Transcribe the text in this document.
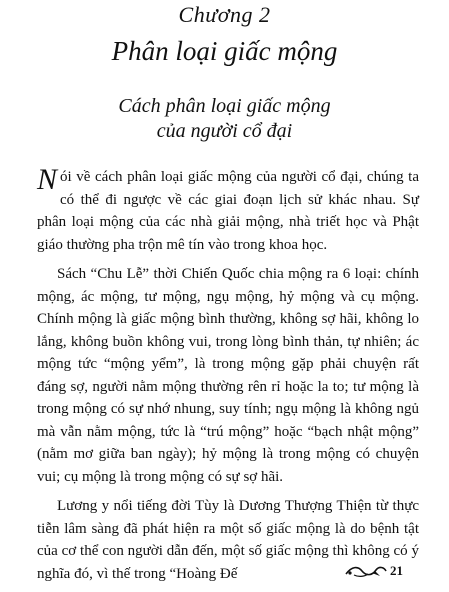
Chương 2
Phân loại giấc mộng
Cách phân loại giấc mộng
của người cổ đại

Nói về cách phân loại giấc mộng của người cổ đại, chúng ta có thể đi ngược về các giai đoạn lịch sử khác nhau. Sự phân loại mộng của các nhà giải mộng, nhà triết học và Phật giáo thường pha trộn mê tín vào trong khoa học.

Sách “Chu Lễ” thời Chiến Quốc chia mộng ra 6 loại: chính mộng, ác mộng, tư mộng, ngụ mộng, hỷ mộng và cụ mộng. Chính mộng là giấc mộng bình thường, không sợ hãi, không lo lắng, không buồn không vui, trong lòng bình thản, tự nhiên; ác mộng tức “mộng yểm”, là trong mộng gặp phải chuyện rất đáng sợ, người nằm mộng thường rên rỉ hoặc la to; tư mộng là trong mộng có sự nhớ nhung, suy tính; ngụ mộng là không ngủ mà vẫn nằm mộng, tức là “trú mộng” hoặc “bạch nhật mộng” (nằm mơ giữa ban ngày); hỷ mộng là trong mộng có chuyện vui; cụ mộng là trong mộng có sự sợ hãi.

Lương y nổi tiếng đời Tùy là Dương Thượng Thiện từ thực tiễn lâm sàng đã phát hiện ra một số giấc mộng là do bệnh tật của cơ thể con người dẫn đến, một số giấc mộng thì không có ý nghĩa đó, vì thế trong “Hoàng Đế	21
